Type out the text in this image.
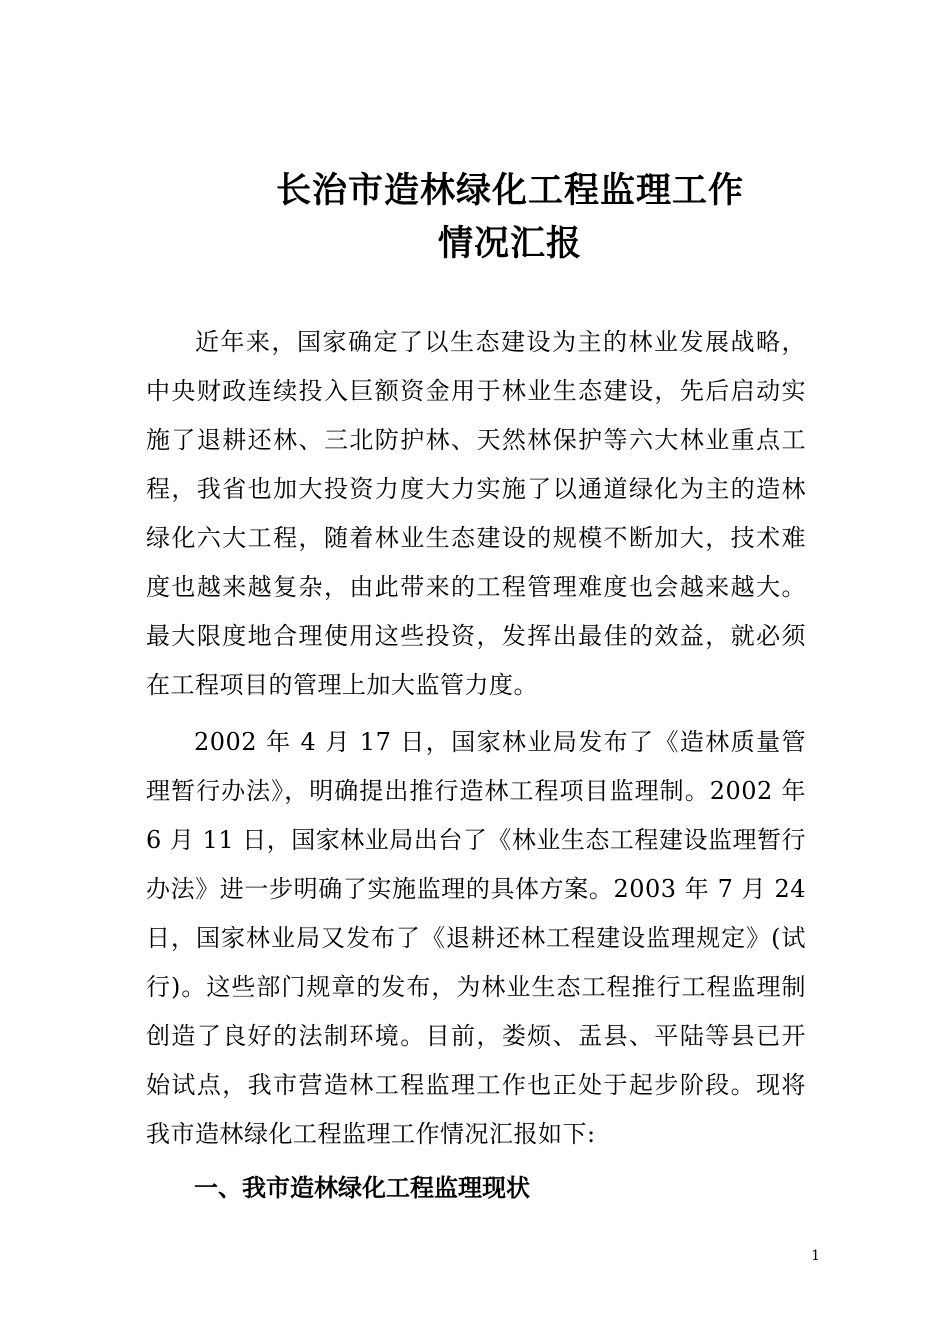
长治市造林绿化工程监理工作
情况汇报

近年来，国家确定了以生态建设为主的林业发展战略，中央财政连续投入巨额资金用于林业生态建设，先后启动实施了退耕还林、三北防护林、天然林保护等六大林业重点工程，我省也加大投资力度大力实施了以通道绿化为主的造林绿化六大工程，随着林业生态建设的规模不断加大，技术难度也越来越复杂，由此带来的工程管理难度也会越来越大。最大限度地合理使用这些投资，发挥出最佳的效益，就必须在工程项目的管理上加大监管力度。

2002 年 4 月 17 日，国家林业局发布了《造林质量管理暂行办法》，明确提出推行造林工程项目监理制。2002 年 6 月 11 日，国家林业局出台了《林业生态工程建设监理暂行办法》进一步明确了实施监理的具体方案。2003 年 7 月 24 日，国家林业局又发布了《退耕还林工程建设监理规定》(试行)。这些部门规章的发布，为林业生态工程推行工程监理制创造了良好的法制环境。目前，娄烦、盂县、平陆等县已开始试点，我市营造林工程监理工作也正处于起步阶段。现将我市造林绿化工程监理工作情况汇报如下:

一、我市造林绿化工程监理现状
1
